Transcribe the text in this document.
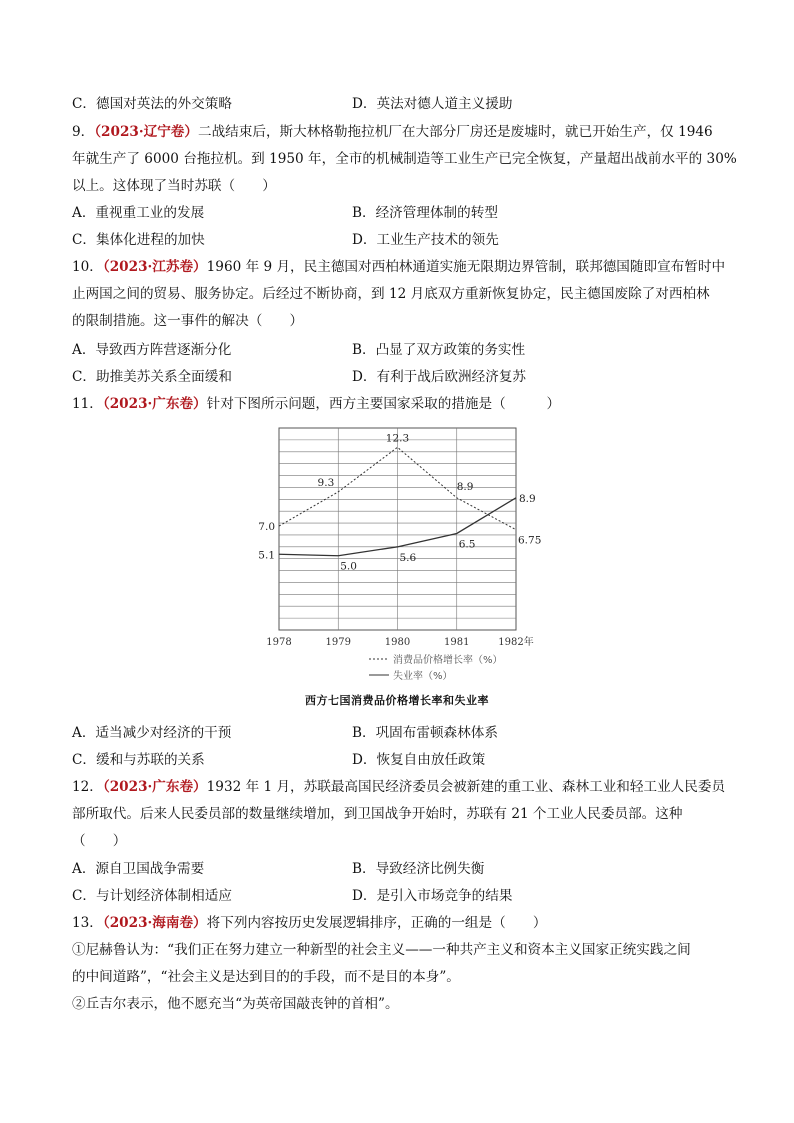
C．德国对英法的外交策略	D．英法对德人道主义援助
9．（2023·辽宁卷）二战结束后，斯大林格勒拖拉机厂在大部分厂房还是废墟时，就已开始生产，仅 1946
年就生产了 6000 台拖拉机。到 1950 年，全市的机械制造等工业生产已完全恢复，产量超出战前水平的 30%
以上。这体现了当时苏联（　　）
A．重视重工业的发展	B．经济管理体制的转型
C．集体化进程的加快	D．工业生产技术的领先
10．（2023·江苏卷）1960 年 9 月，民主德国对西柏林通道实施无限期边界管制，联邦德国随即宣布暂时中
止两国之间的贸易、服务协定。后经过不断协商，到 12 月底双方重新恢复协定，民主德国废除了对西柏林
的限制措施。这一事件的解决（　　）
A．导致西方阵营逐渐分化	B．凸显了双方政策的务实性
C．助推美苏关系全面缓和	D．有利于战后欧洲经济复苏
11．（2023·广东卷）针对下图所示问题，西方主要国家采取的措施是（　　　）
1978	1979	1980	1981	1982年
7.0
9.3
12.3
8.9
6.75
5.1
5.0
5.6
6.5
8.9
消费品价格增长率（%）
失业率（%）
西方七国消费品价格增长率和失业率
A．适当减少对经济的干预	B．巩固布雷顿森林体系
C．缓和与苏联的关系	D．恢复自由放任政策
12．（2023·广东卷）1932 年 1 月，苏联最高国民经济委员会被新建的重工业、森林工业和轻工业人民委员
部所取代。后来人民委员部的数量继续增加，到卫国战争开始时，苏联有 21 个工业人民委员部。这种
（　　）
A．源自卫国战争需要	B．导致经济比例失衡
C．与计划经济体制相适应	D．是引入市场竞争的结果
13．（2023·海南卷）将下列内容按历史发展逻辑排序，正确的一组是（　　）
①尼赫鲁认为：“我们正在努力建立一种新型的社会主义——一种共产主义和资本主义国家正统实践之间
的中间道路”，“社会主义是达到目的的手段，而不是目的本身”。
②丘吉尔表示，他不愿充当“为英帝国敲丧钟的首相”。
